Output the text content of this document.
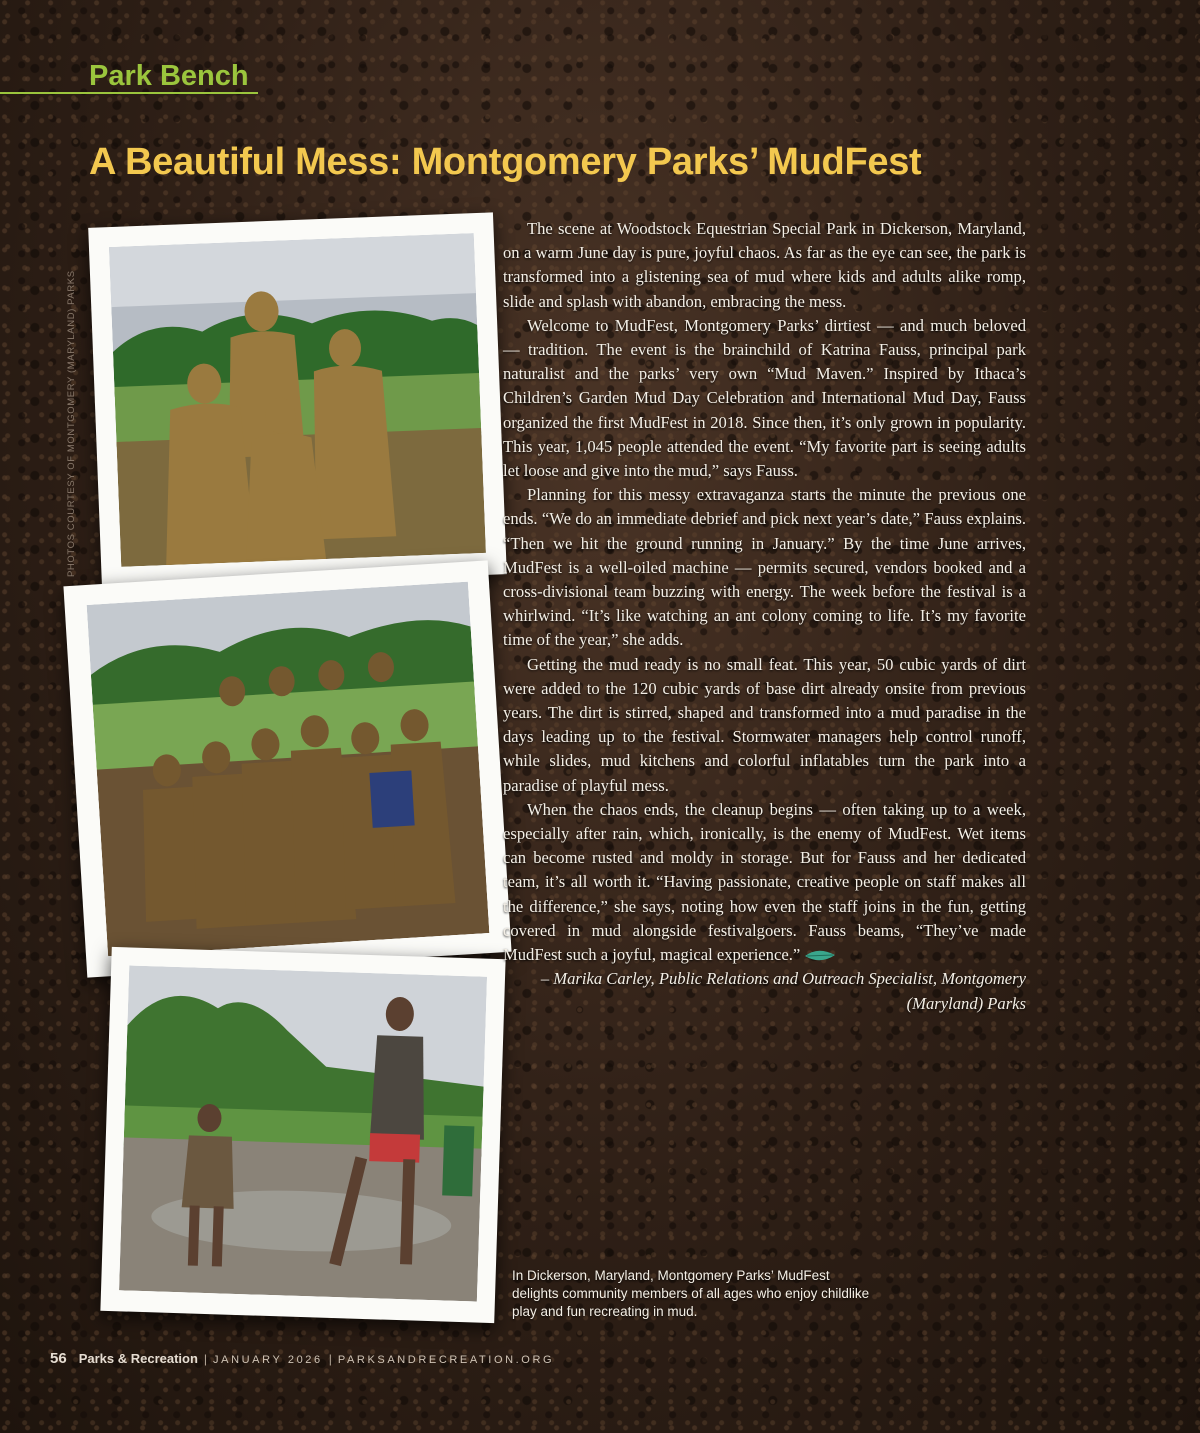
Park Bench
A Beautiful Mess: Montgomery Parks’ MudFest
PHOTOS COURTESY OF MONTGOMERY (MARYLAND) PARKS

The scene at Woodstock Equestrian Special Park in Dickerson, Maryland, on a warm June day is pure, joyful chaos. As far as the eye can see, the park is transformed into a glistening sea of mud where kids and adults alike romp, slide and splash with abandon, embracing the mess.

Welcome to MudFest, Montgomery Parks’ dirtiest — and much beloved — tradition. The event is the brainchild of Katrina Fauss, principal park naturalist and the parks’ very own “Mud Maven.” Inspired by Ithaca’s Children’s Garden Mud Day Celebration and International Mud Day, Fauss organized the first MudFest in 2018. Since then, it’s only grown in popularity. This year, 1,045 people attended the event. “My favorite part is seeing adults let loose and give into the mud,” says Fauss.

Planning for this messy extravaganza starts the minute the previous one ends. “We do an immediate debrief and pick next year’s date,” Fauss explains. “Then we hit the ground running in January.” By the time June arrives, MudFest is a well-oiled machine — permits secured, vendors booked and a cross-divisional team buzzing with energy. The week before the festival is a whirlwind. “It’s like watching an ant colony coming to life. It’s my favorite time of the year,” she adds.

Getting the mud ready is no small feat. This year, 50 cubic yards of dirt were added to the 120 cubic yards of base dirt already onsite from previous years. The dirt is stirred, shaped and transformed into a mud paradise in the days leading up to the festival. Stormwater managers help control runoff, while slides, mud kitchens and colorful inflatables turn the park into a paradise of playful mess.

When the chaos ends, the cleanup begins — often taking up to a week, especially after rain, which, ironically, is the enemy of MudFest. Wet items can become rusted and moldy in storage. But for Fauss and her dedicated team, it’s all worth it. “Having passionate, creative people on staff makes all the difference,” she says, noting how even the staff joins in the fun, getting covered in mud alongside festivalgoers. Fauss beams, “They’ve made MudFest such a joyful, magical experience.”

– Marika Carley, Public Relations and Outreach Specialist, Montgomery (Maryland) Parks

In Dickerson, Maryland, Montgomery Parks’ MudFest delights community members of all ages who enjoy childlike play and fun recreating in mud.

56 Parks & Recreation | JANUARY 2026 | PARKSANDRECREATION.ORG
